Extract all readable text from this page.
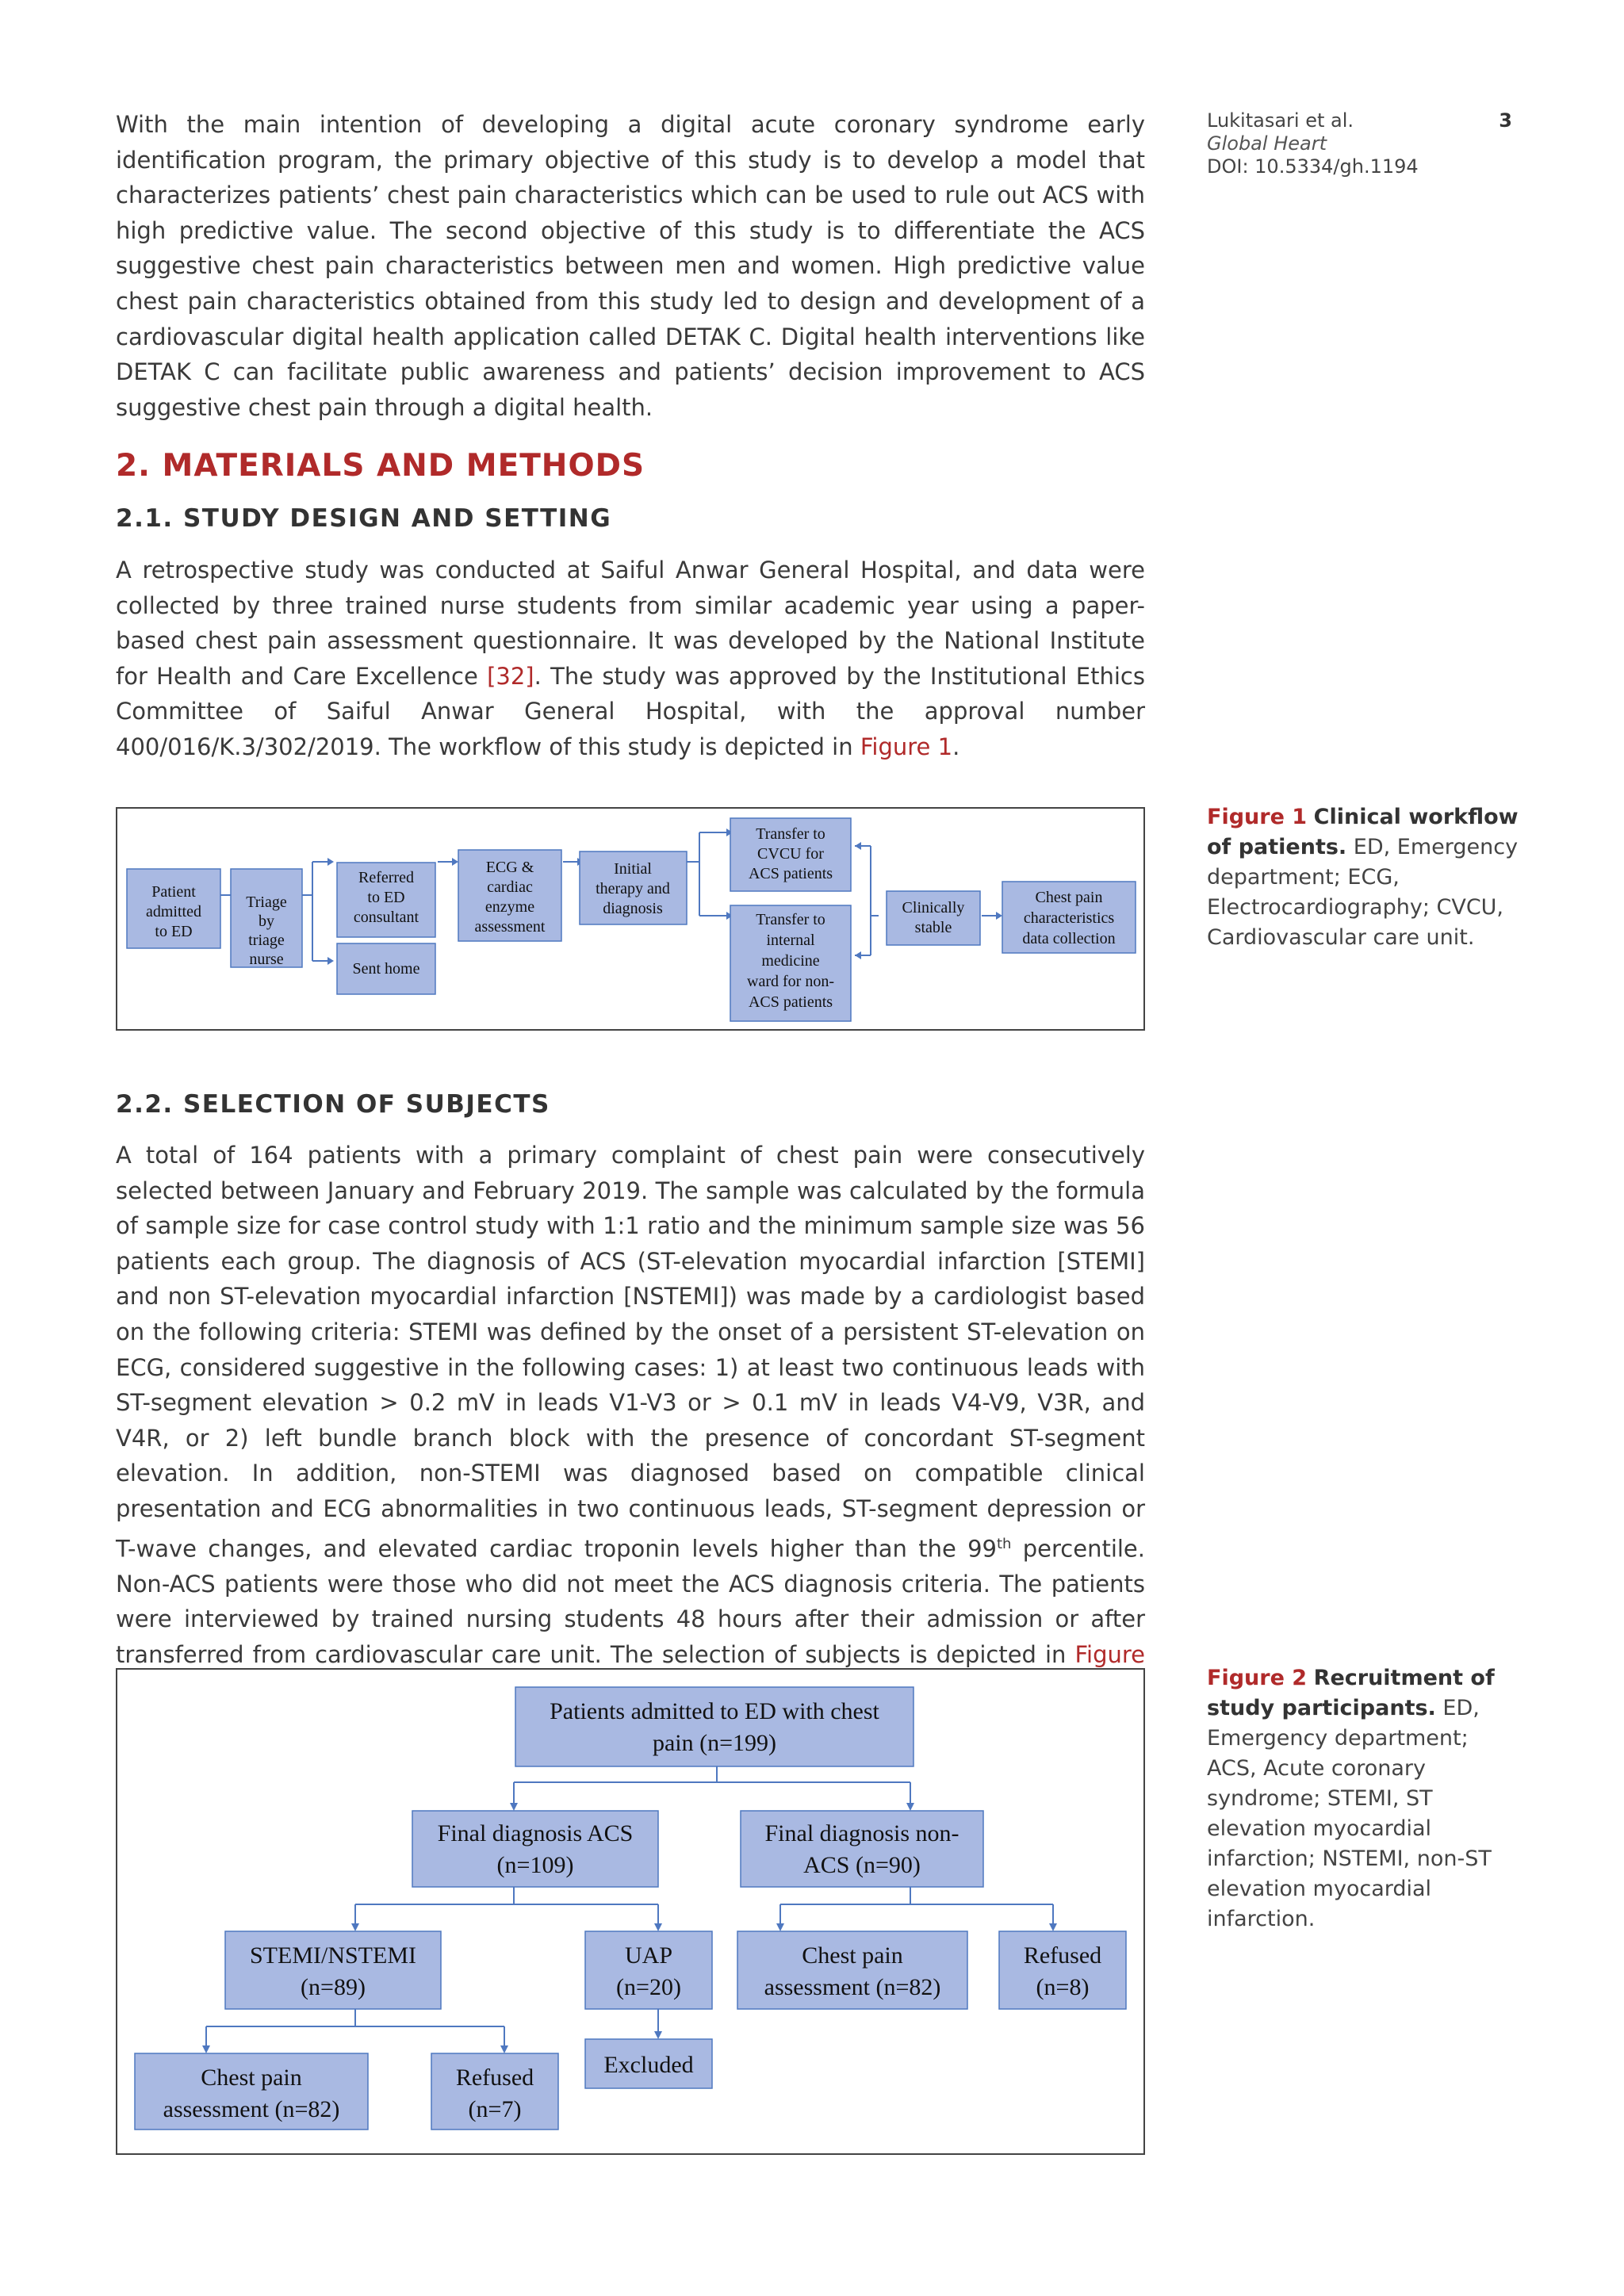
Lukitasari et al.	3
Global Heart
DOI: 10.5334/gh.1194

With the main intention of developing a digital acute coronary syndrome early identification program, the primary objective of this study is to develop a model that characterizes patients’ chest pain characteristics which can be used to rule out ACS with high predictive value. The second objective of this study is to differentiate the ACS suggestive chest pain characteristics between men and women. High predictive value chest pain characteristics obtained from this study led to design and development of a cardiovascular digital health application called DETAK C. Digital health interventions like DETAK C can facilitate public awareness and patients’ decision improvement to ACS suggestive chest pain through a digital health.

2. MATERIALS AND METHODS
2.1. STUDY DESIGN AND SETTING

A retrospective study was conducted at Saiful Anwar General Hospital, and data were collected by three trained nurse students from similar academic year using a paper-based chest pain assessment questionnaire. It was developed by the National Institute for Health and Care Excellence [32]. The study was approved by the Institutional Ethics Committee of Saiful Anwar General Hospital, with the approval number 400/016/K.3/302/2019. The workflow of this study is depicted in Figure 1.

Patient
admitted
to ED
Triage
by
triage
nurse
Referred
to ED
consultant
Sent home
ECG &
cardiac
enzyme
assessment
Initial
therapy and
diagnosis
Transfer to
CVCU for
ACS patients
Transfer to
internal
medicine
ward for non-
ACS patients
Clinically
stable
Chest pain
characteristics
data collection
Figure 1 Clinical workflow of patients. ED, Emergency department; ECG, Electrocardiography; CVCU, Cardiovascular care unit.
2.2. SELECTION OF SUBJECTS

A total of 164 patients with a primary complaint of chest pain were consecutively selected between January and February 2019. The sample was calculated by the formula of sample size for case control study with 1:1 ratio and the minimum sample size was 56 patients each group. The diagnosis of ACS (ST-elevation myocardial infarction [STEMI] and non ST-elevation myocardial infarction [NSTEMI]) was made by a cardiologist based on the following criteria: STEMI was defined by the onset of a persistent ST-elevation on ECG, considered suggestive in the following cases: 1) at least two continuous leads with ST-segment elevation > 0.2 mV in leads V1-V3 or > 0.1 mV in leads V4-V9, V3R, and V4R, or 2) left bundle branch block with the presence of concordant ST-segment elevation. In addition, non-STEMI was diagnosed based on compatible clinical presentation and ECG abnormalities in two continuous leads, ST-segment depression or T-wave changes, and elevated cardiac troponin levels higher than the 99th percentile. Non-ACS patients were those who did not meet the ACS diagnosis criteria. The patients were interviewed by trained nursing students 48 hours after their admission or after transferred from cardiovascular care unit. The selection of subjects is depicted in Figure

Patients admitted to ED with chest
pain (n=199)
Final diagnosis ACS
(n=109)
Final diagnosis non-
ACS (n=90)
STEMI/NSTEMI
(n=89)
UAP
(n=20)
Chest pain
assessment (n=82)
Refused
(n=8)
Excluded
Chest pain
assessment (n=82)
Refused
(n=7)
Figure 2 Recruitment of study participants. ED, Emergency department; ACS, Acute coronary syndrome; STEMI, ST elevation myocardial infarction; NSTEMI, non-ST elevation myocardial infarction.
